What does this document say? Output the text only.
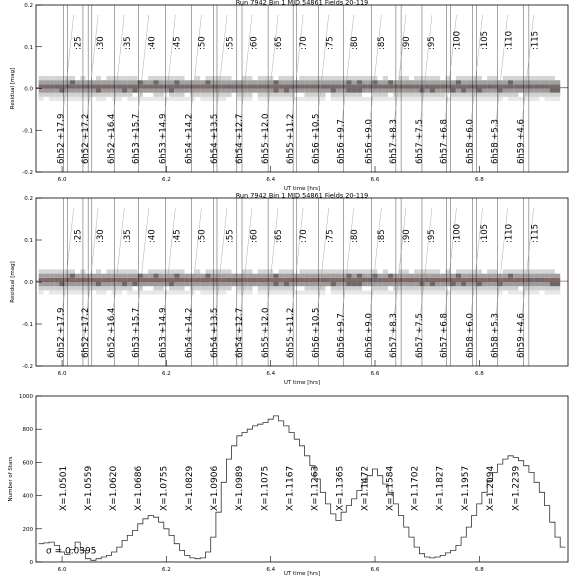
Run 7942 Bin 1 MJD 54861 Fields 20-119
:25 :30 :35 :40 :45 :50 :55 :60 :65 :70 :75 :80 :85 :90 :95 :100 :105 :110 :115
6h52 +17.9 6h52 +17.2 6h52 +16.4 6h53 +15.7 6h53 +14.9 6h54 +14.2 6h54 +13.5 6h54 +12.7 6h55 +12.0 6h55 +11.2 6h56 +10.5 6h56 +9.7 6h56 +9.0 6h57 +8.3 6h57 +7.5 6h57 +6.8 6h58 +6.0 6h58 +5.3 6h59 +4.6
0.2
0.1
0.0
-0.1
-0.2
6.0	6.2	6.4	6.6	6.8
UT time [hrs]
Residual [mag]
Run 7942 Bin 1 MJD 54861 Fields 20-119
:25 :30 :35 :40 :45 :50 :55 :60 :65 :70 :75 :80 :85 :90 :95 :100 :105 :110 :115
6h52 +17.9 6h52 +17.2 6h52 +16.4 6h53 +15.7 6h53 +14.9 6h54 +14.2 6h54 +13.5 6h54 +12.7 6h55 +12.0 6h55 +11.2 6h56 +10.5 6h56 +9.7 6h56 +9.0 6h57 +8.3 6h57 +7.5 6h57 +6.8 6h58 +6.0 6h58 +5.3 6h59 +4.6
0.2
0.1
0.0
-0.1
-0.2
6.0	6.2	6.4	6.6	6.8
UT time [hrs]
Residual [mag]
X=1.0501 X=1.0559 X=1.0620 X=1.0686 X=1.0755 X=1.0829 X=1.0906 X=1.0989 X=1.1075 X=1.1167 X=1.1263 X=1.1365 X=1.1472 X=1.1584 X=1.1702 X=1.1827 X=1.1957 X=1.2094 X=1.2239
σ = 0.0395
1000
800
600
400
200
0
6.0	6.2	6.4	6.6	6.8
UT time [hrs]
Number of Stars
